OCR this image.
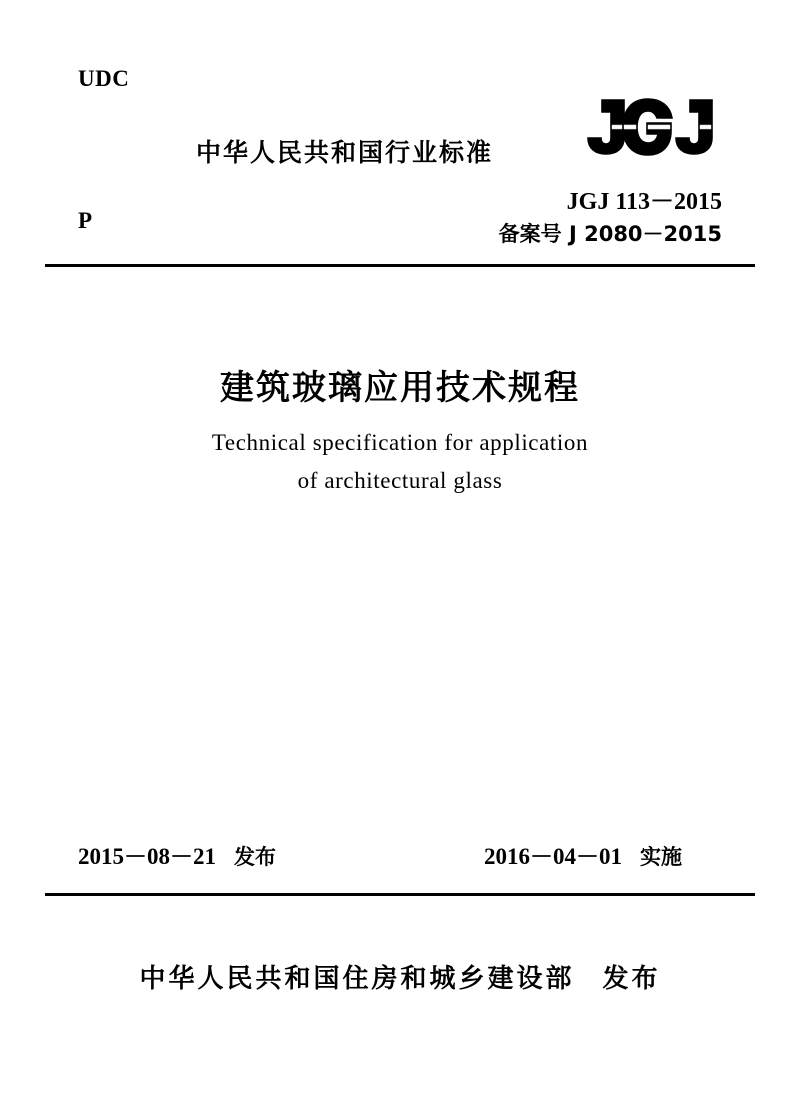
UDC
P
中华人民共和国行业标准
JGJ 113－2015
备案号 J 2080－2015
建筑玻璃应用技术规程
Technical specification for application
of architectural glass
2015－08－21 发布	2016－04－01 实施
中华人民共和国住房和城乡建设部 发布
